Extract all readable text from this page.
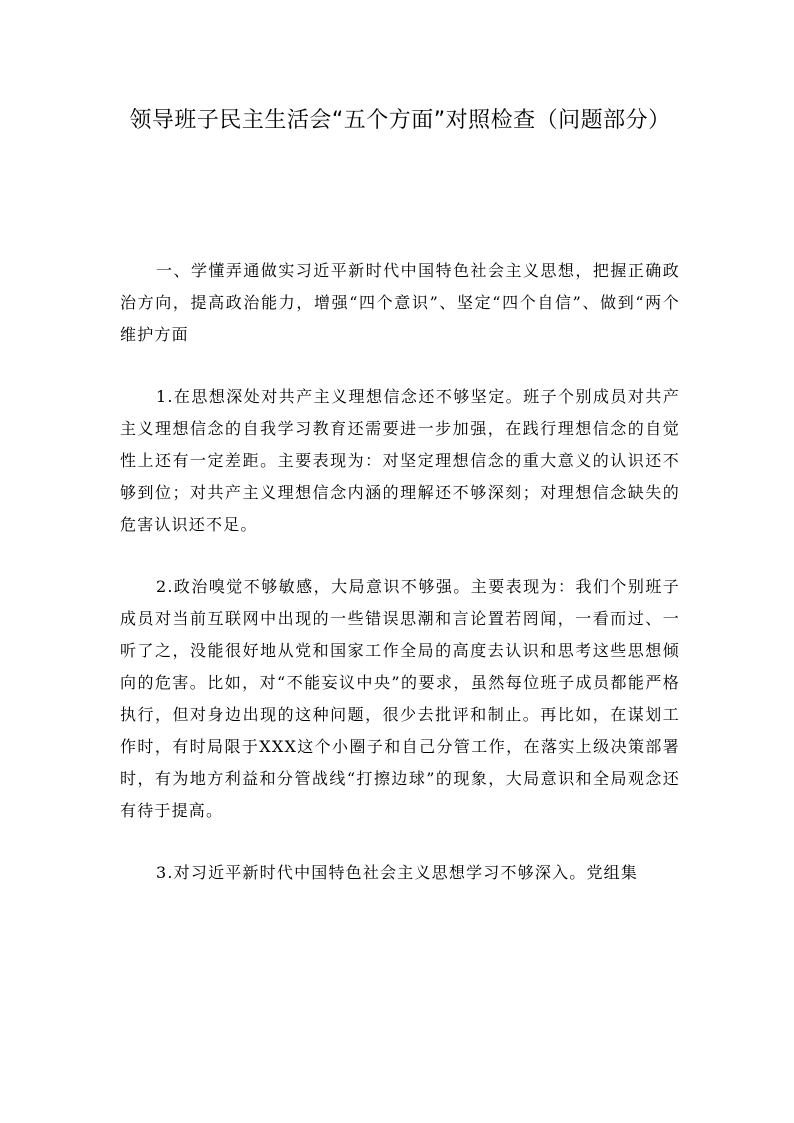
领导班子民主生活会“五个方面”对照检查（问题部分）

一、学懂弄通做实习近平新时代中国特色社会主义思想，把握正确政治方向，提高政治能力，增强“四个意识”、坚定“四个自信”、做到“两个维护方面

1.在思想深处对共产主义理想信念还不够坚定。班子个别成员对共产主义理想信念的自我学习教育还需要进一步加强，在践行理想信念的自觉性上还有一定差距。主要表现为：对坚定理想信念的重大意义的认识还不够到位；对共产主义理想信念内涵的理解还不够深刻；对理想信念缺失的危害认识还不足。

2.政治嗅觉不够敏感，大局意识不够强。主要表现为：我们个别班子成员对当前互联网中出现的一些错误思潮和言论置若罔闻，一看而过、一听了之，没能很好地从党和国家工作全局的高度去认识和思考这些思想倾向的危害。比如，对“不能妄议中央”的要求，虽然每位班子成员都能严格执行，但对身边出现的这种问题，很少去批评和制止。再比如，在谋划工作时，有时局限于XXX这个小圈子和自己分管工作，在落实上级决策部署时，有为地方利益和分管战线“打擦边球”的现象，大局意识和全局观念还有待于提高。

3.对习近平新时代中国特色社会主义思想学习不够深入。党组集
